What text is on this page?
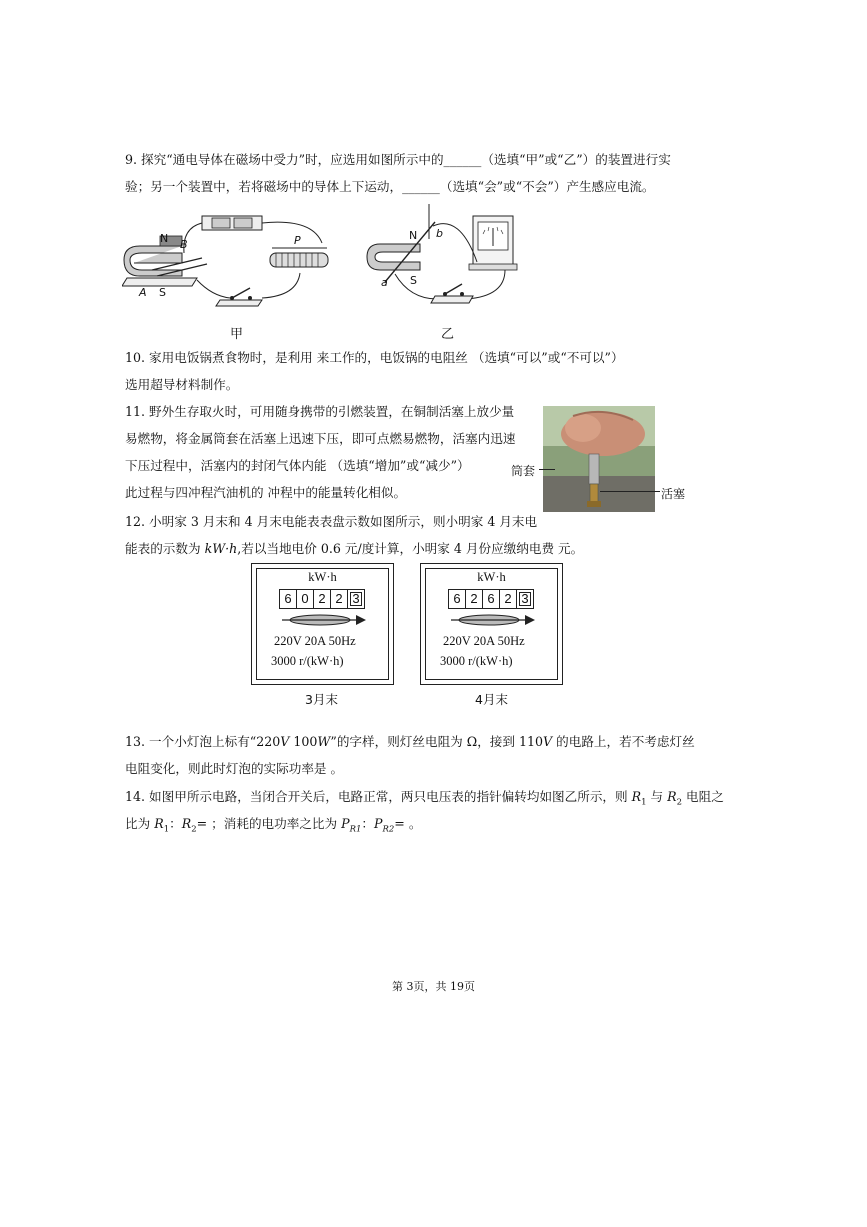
9. 探究“通电导体在磁场中受力”时，应选用如图所示中的______（选填“甲”或“乙”）的装置进行实
验；另一个装置中，若将磁场中的导体上下运动，______（选填“会”或“不会”）产生感应电流。
N B
A S
P
甲
N b
a S
乙
10. 家用电饭锅煮食物时，是利用 来工作的，电饭锅的电阻丝 （选填“可以”或“不可以”）
选用超导材料制作。
11. 野外生存取火时，可用随身携带的引燃装置，在铜制活塞上放少量
易燃物，将金属筒套在活塞上迅速下压，即可点燃易燃物，活塞内迅速
下压过程中，活塞内的封闭气体内能 （选填“增加”或“减少”）
此过程与四冲程汽油机的 冲程中的能量转化相似。
筒套
活塞
12. 小明家 3 月末和 4 月末电能表表盘示数如图所示，则小明家 4 月末电
能表的示数为 kW·h,若以当地电价 0.6 元/度计算，小明家 4 月份应缴纳电费 元。
kW·h
6 0 2 2 3
220V 20A 50Hz
3000 r/(kW·h)
3月末
kW·h
6 2 6 2 3
220V 20A 50Hz
3000 r/(kW·h)
4月末
13. 一个小灯泡上标有“220V 100W”的字样，则灯丝电阻为 Ω，接到 110V 的电路上，若不考虑灯丝
电阻变化，则此时灯泡的实际功率是 。
14. 如图甲所示电路，当闭合开关后，电路正常，两只电压表的指针偏转均如图乙所示，则 $R_1$ 与 $R_2$ 电阻之
比为 $R_1$：$R_2=$ ；消耗的电功率之比为 $P_{R1}$：$P_{R2}=$ 。
第 3页，共 19页
